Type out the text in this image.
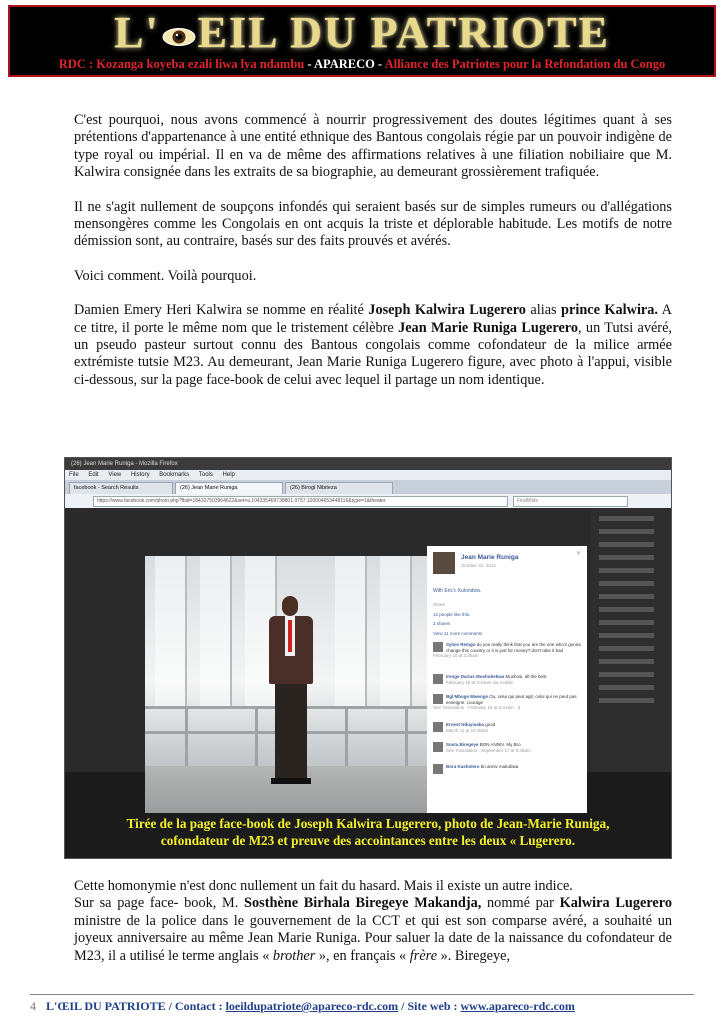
L' EIL DU PATRIOTE
RDC : Kozanga koyeba ezali liwa lya ndambu - APARECO - Alliance des Patriotes pour la Refondation du Congo

C'est pourquoi, nous avons commencé à nourrir progressivement des doutes légitimes quant à ses prétentions d'appartenance à une entité ethnique des Bantous congolais régie par un pouvoir indigène de type royal ou impérial. Il en va de même des affirmations relatives à une filiation nobiliaire que M. Kalwira consignée dans les extraits de sa biographie, au demeurant grossièrement trafiquée.

Il ne s'agit nullement de soupçons infondés qui seraient basés sur de simples rumeurs ou d'allégations mensongères comme les Congolais en ont acquis la triste et déplorable habitude. Les motifs de notre démission sont, au contraire, basés sur des faits prouvés et avérés.

Voici comment. Voilà pourquoi.

Damien Emery Heri Kalwira se nomme en réalité Joseph Kalwira Lugerero alias prince Kalwira. A ce titre, il porte le même nom que le tristement célèbre Jean Marie Runiga Lugerero, un Tutsi avéré, un pseudo pasteur surtout connu des Bantous congolais comme cofondateur de la milice armée extrémiste tutsie M23. Au demeurant, Jean Marie Runiga Lugerero figure, avec photo à l'appui, visible ci-dessous, sur la page face-book de celui avec lequel il partage un nom identique.

(26) Jean Marie Runiga - Mozilla Firefox
File Edit View History Bookmarks Tools Help
facebook - Search Results	(26) Jean Marie Runiga	(26) Birogi Nibiteza
https://www.facebook.com/photo.php?fbid=184327503964622&set=a.104335469738801.9757.100004653448116&type=1&theater	FindWide
Jean Marie Runiga
October 31, 2012
✕
With Eric'c Kulondwa.
Share
12 people like this.
3 shares
View 11 more comments
Sylvie Remgo do you really think that you are the one who's gonna change this country or it is just for money? don't take it bad
February 18 at 3:35am
Irenge Darius Mushobekwa Mushosi, all the best
February 18 at 3:44am via mobile
Bgl Mbuge Mwenge Ou, celui qui peut agit, celui qui ne peut pas enseigne. courage
See Translation · February 18 at 5:31am · 2
Ernest Nduyisaba good
March 11 at 10:30am
Sosta Biregeye BON ANNIV. My Bro
See Translation · September 17 at 9:46am
Bora Kasholero bn anniv mukubwa
Tirée de la page face-book de Joseph Kalwira Lugerero, photo de Jean-Marie Runiga,
cofondateur de M23 et preuve des accointances entre les deux « Lugerero.
Cette homonymie n'est donc nullement un fait du hasard. Mais il existe un autre indice.
Sur sa page face- book, M. Sosthène Birhala Biregeye Makandja, nommé par Kalwira Lugerero ministre de la police dans le gouvernement de la CCT et qui est son comparse avéré, a souhaité un joyeux anniversaire au même Jean Marie Runiga. Pour saluer la date de la naissance du cofondateur de M23, il a utilisé le terme anglais « brother », en français « frère ». Biregeye,
4 L'ŒIL DU PATRIOTE / Contact : loeildupatriote@apareco-rdc.com / Site web : www.apareco-rdc.com
